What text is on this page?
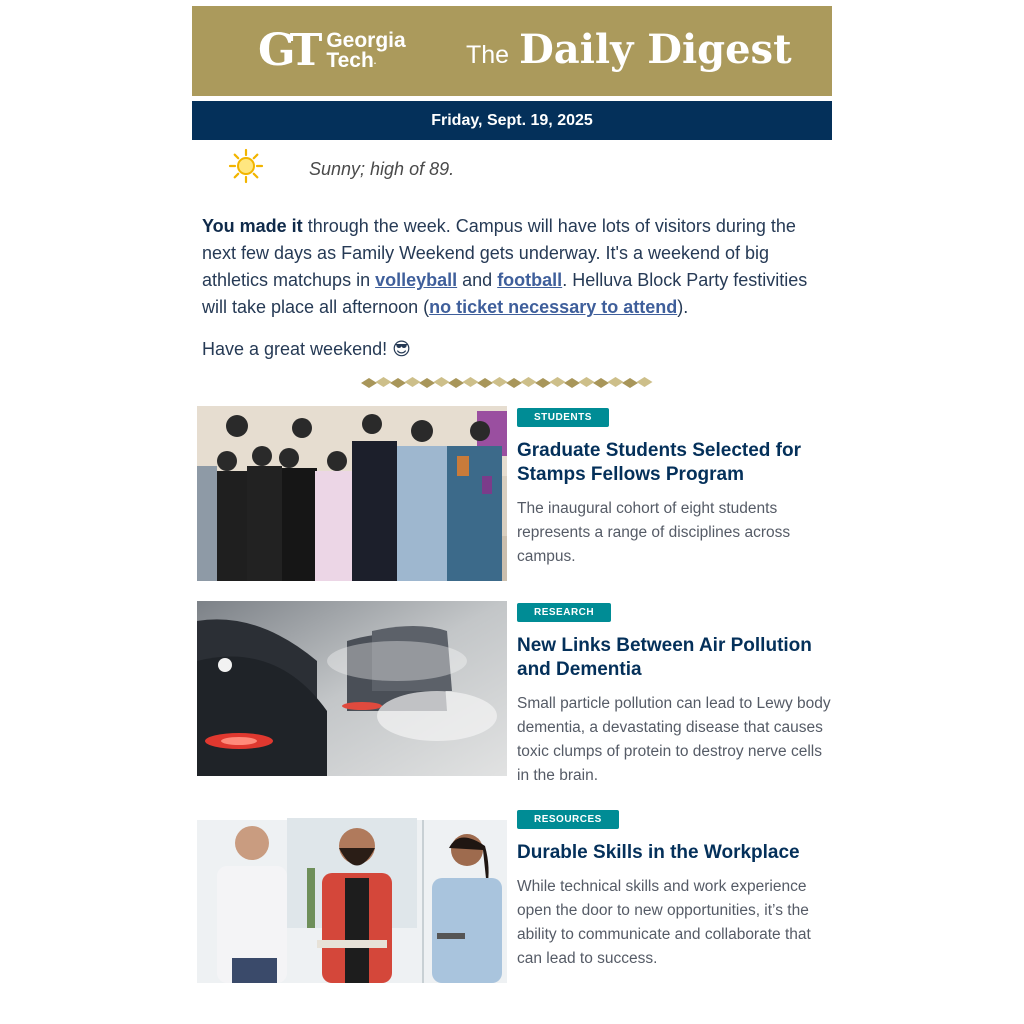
GT Georgia
Tech.	The Daily Digest
Friday, Sept. 19, 2025
Sunny; high of 89.

You made it through the week. Campus will have lots of visitors during the next few days as Family Weekend gets underway. It's a weekend of big athletics matchups in volleyball and football. Helluva Block Party festivities will take place all afternoon (no ticket necessary to attend).

Have a great weekend! 😎

STUDENTS
Graduate Students Selected for Stamps Fellows Program
The inaugural cohort of eight students represents a range of disciplines across campus.
RESEARCH
New Links Between Air Pollution and Dementia
Small particle pollution can lead to Lewy body dementia, a devastating disease that causes toxic clumps of protein to destroy nerve cells in the brain.
RESOURCES
Durable Skills in the Workplace
While technical skills and work experience open the door to new opportunities, it’s the ability to communicate and collaborate that can lead to success.
